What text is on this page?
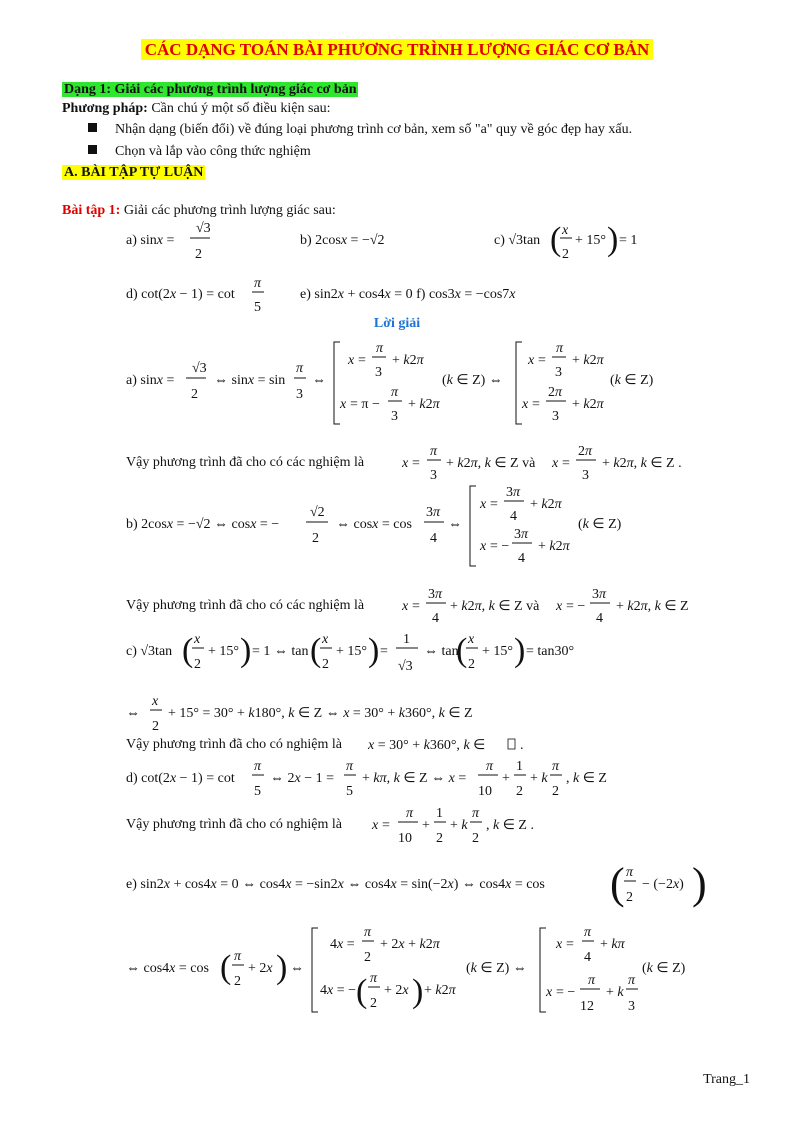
CÁC DẠNG TOÁN BÀI PHƯƠNG TRÌNH LƯỢNG GIÁC CƠ BẢN
Dạng 1: Giải các phương trình lượng giác cơ bản
Phương pháp: Cần chú ý một số điều kiện sau:
Nhận dạng (biến đổi) về đúng loại phương trình cơ bản, xem số "a" quy về góc đẹp hay xấu.
Chọn và lắp vào công thức nghiệm
A. BÀI TẬP TỰ LUẬN
Bài tập 1: Giải các phương trình lượng giác sau:
Lời giải
Vậy phương trình đã cho có các nghiệm là
Vậy phương trình đã cho có các nghiệm là
Vậy phương trình đã cho có nghiệm là
Vậy phương trình đã cho có nghiệm là
a) sinx =
√3
2
b) 2cosx = −√2	c) √3tan ( x
2
+ 15° ) = 1
d) cot(2x − 1) = cot
π
5
e) sin2x + cos4x = 0 f) cos3x = −cos7x
a) sinx =
√3
2
⇔ sinx = sin
π
3
⇔
x =
π
3
+ k2π
x = π −
π
3
+ k2π
(k ∈ Z) ⇔
x =
π
3
+ k2π
x =
2π
3
+ k2π
(k ∈ Z)
x =
π
3
+ k2π, k ∈ Z và x =
2π
3
+ k2π, k ∈ Z .
b) 2cosx = −√2 ⇔ cosx = −
√2
2
⇔ cosx = cos
3π
4
⇔
x =
3π
4
+ k2π
x = −
3π
4
+ k2π
(k ∈ Z)
x =
3π
4
+ k2π, k ∈ Z và x = −
3π
4
+ k2π, k ∈ Z
c) √3tan ( x
2
+ 15° ) = 1 ⇔ tan ( x
2
+ 15° ) =
1
√3
⇔ tan
( x
2
+ 15° ) = tan30°
⇔
x
2
+ 15° = 30° + k180°, k ∈ Z ⇔ x = 30° + k360°, k ∈ Z
x = 30° + k360°, k ∈ .
d) cot(2x − 1) = cot
π
5
⇔ 2x − 1 =
π
5
+ kπ, k ∈ Z ⇔ x =
π
10
+
1
2
+ k
π
2
, k ∈ Z
x =
π
10
+
1
2
+ k
π
2
, k ∈ Z .
e) sin2x + cos4x = 0 ⇔ cos4x = −sin2x ⇔ cos4x = sin(−2x) ⇔ cos4x = cos ( π
2
− (−2x) )
⇔ cos4x = cos ( π
2
+ 2x ) ⇔
4x =
π
2
+ 2x + k2π
4x = − ( π
2
+ 2x ) + k2π
(k ∈ Z) ⇔
x =
π
4
+ kπ
x = −
π
12
+ k
π
3
(k ∈ Z)
Trang_1
